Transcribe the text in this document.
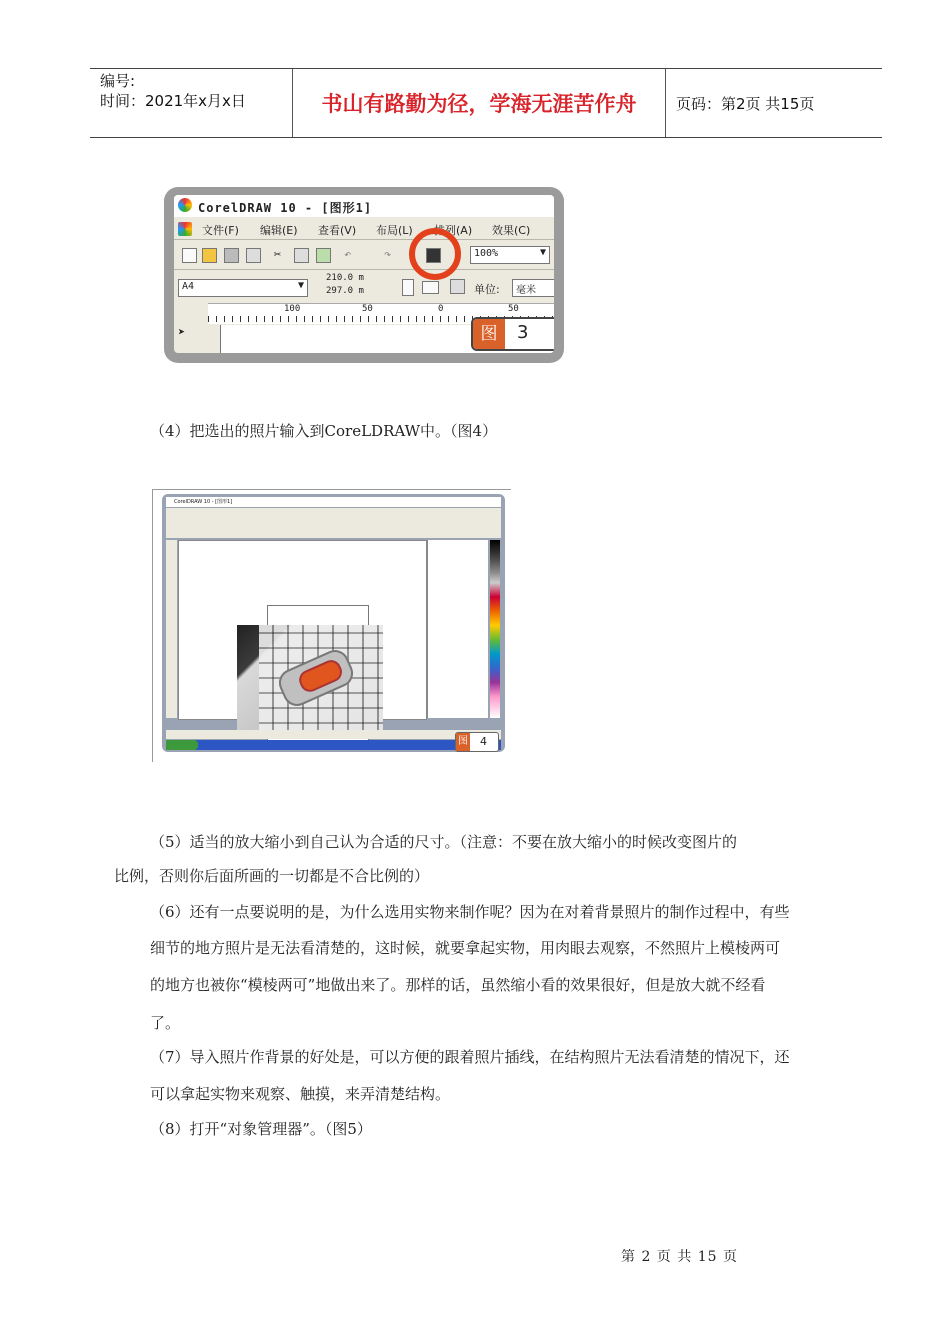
编号:
时间：2021年x月x日	书山有路勤为径，学海无涯苦作舟	页码：第2页 共15页
CorelDRAW 10 - [图形1]
文件(F) 编辑(E) 查看(V) 布局(L) 排列(A) 效果(C)
✂	↶	↷	100%	▼
A4	▼
210.0 m
297.0 m	单位: 毫米
➤
100	50	0	50
图	3
（4）把选出的照片输入到CoreLDRAW中。（图4）
CorelDRAW 10 - [图形1]
图 4
（5）适当的放大缩小到自己认为合适的尺寸。（注意：不要在放大缩小的时候改变图片的
比例，否则你后面所画的一切都是不合比例的）
（6）还有一点要说明的是，为什么选用实物来制作呢？因为在对着背景照片的制作过程中，有些
细节的地方照片是无法看清楚的，这时候，就要拿起实物，用肉眼去观察，不然照片上模棱两可
的地方也被你“模棱两可”地做出来了。那样的话，虽然缩小看的效果很好，但是放大就不经看
了。
（7）导入照片作背景的好处是，可以方便的跟着照片插线，在结构照片无法看清楚的情况下，还
可以拿起实物来观察、触摸，来弄清楚结构。
（8）打开“对象管理器”。（图5）
第 2 页 共 15 页
